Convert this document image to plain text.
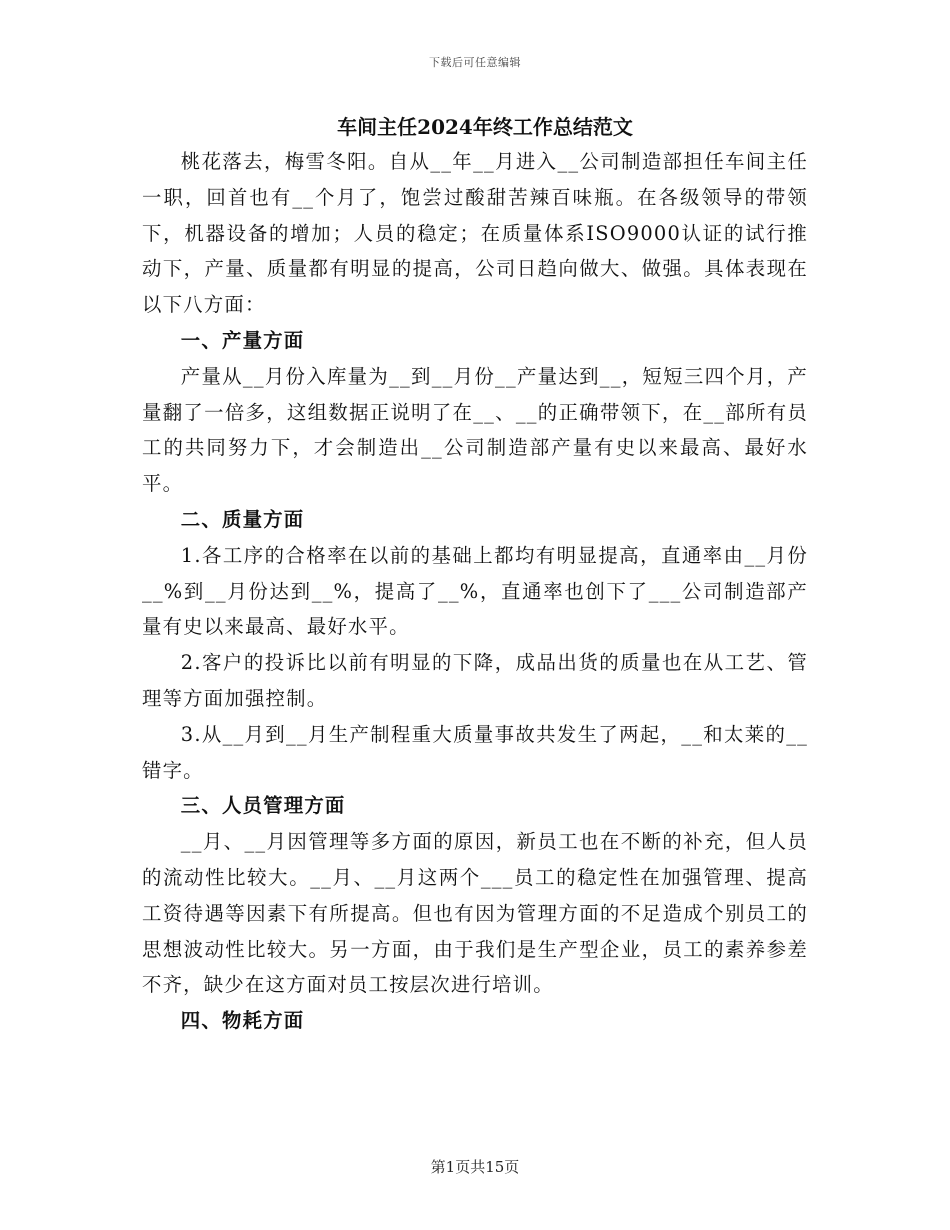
下载后可任意编辑
车间主任2024年终工作总结范文

桃花落去，梅雪冬阳。自从__年__月进入__公司制造部担任车间主任一职，回首也有__个月了，饱尝过酸甜苦辣百味瓶。在各级领导的带领下，机器设备的增加；人员的稳定；在质量体系ISO9000认证的试行推动下，产量、质量都有明显的提高，公司日趋向做大、做强。具体表现在以下八方面：

一、产量方面

产量从__月份入库量为__到__月份__产量达到__，短短三四个月，产量翻了一倍多，这组数据正说明了在__、__的正确带领下，在__部所有员工的共同努力下，才会制造出__公司制造部产量有史以来最高、最好水平。

二、质量方面

1.各工序的合格率在以前的基础上都均有明显提高，直通率由__月份__%到__月份达到__%，提高了__%，直通率也创下了___公司制造部产量有史以来最高、最好水平。

2.客户的投诉比以前有明显的下降，成品出货的质量也在从工艺、管理等方面加强控制。

3.从__月到__月生产制程重大质量事故共发生了两起，__和太莱的__错字。

三、人员管理方面

__月、__月因管理等多方面的原因，新员工也在不断的补充，但人员的流动性比较大。__月、__月这两个___员工的稳定性在加强管理、提高工资待遇等因素下有所提高。但也有因为管理方面的不足造成个别员工的思想波动性比较大。另一方面，由于我们是生产型企业，员工的素养参差不齐，缺少在这方面对员工按层次进行培训。

四、物耗方面

第1页共15页
